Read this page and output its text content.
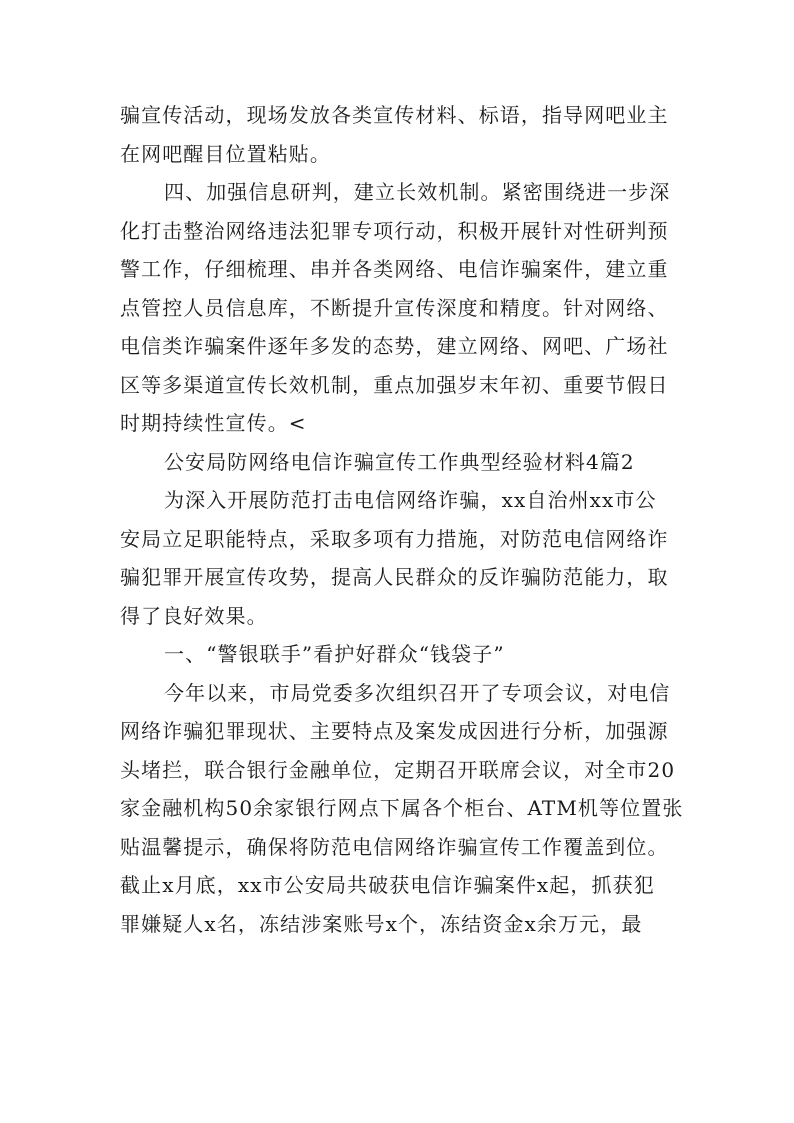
骗宣传活动，现场发放各类宣传材料、标语，指导网吧业主
在网吧醒目位置粘贴。
四、加强信息研判，建立长效机制。紧密围绕进一步深
化打击整治网络违法犯罪专项行动，积极开展针对性研判预
警工作，仔细梳理、串并各类网络、电信诈骗案件，建立重
点管控人员信息库，不断提升宣传深度和精度。针对网络、
电信类诈骗案件逐年多发的态势，建立网络、网吧、广场社
区等多渠道宣传长效机制，重点加强岁末年初、重要节假日
时期持续性宣传。<
公安局防网络电信诈骗宣传工作典型经验材料4篇2
为深入开展防范打击电信网络诈骗，xx自治州xx市公
安局立足职能特点，采取多项有力措施，对防范电信网络诈
骗犯罪开展宣传攻势，提高人民群众的反诈骗防范能力，取
得了良好效果。
一、“警银联手”看护好群众“钱袋子”
今年以来，市局党委多次组织召开了专项会议，对电信
网络诈骗犯罪现状、主要特点及案发成因进行分析，加强源
头堵拦，联合银行金融单位，定期召开联席会议，对全市20
家金融机构50余家银行网点下属各个柜台、ATM机等位置张
贴温馨提示，确保将防范电信网络诈骗宣传工作覆盖到位。
截止x月底，xx市公安局共破获电信诈骗案件x起，抓获犯
罪嫌疑人x名，冻结涉案账号x个，冻结资金x余万元，最
